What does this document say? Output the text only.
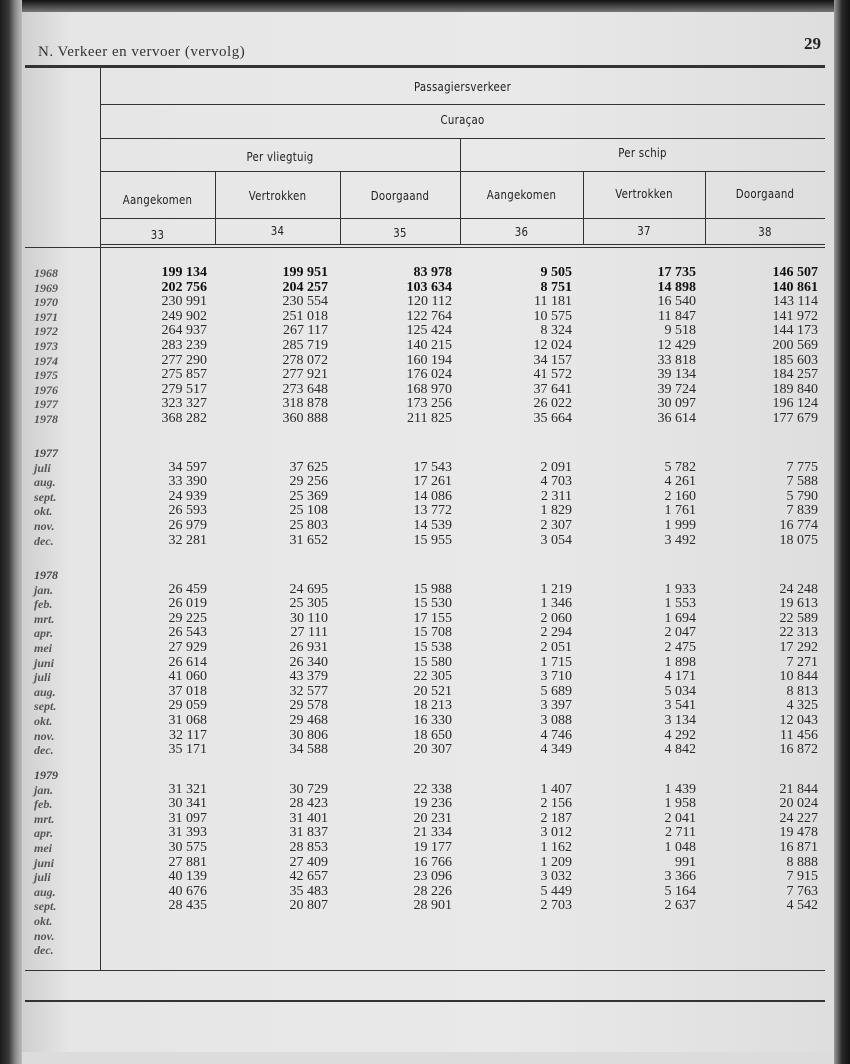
N. Verkeer en vervoer (vervolg)	29
Passagiersverkeer
Curaçao
Per vliegtuig	Per schip
Aangekomen	Vertrokken	Doorgaand	Aangekomen	Vertrokken	Doorgaand
33	34	35	36	37	38
1968	199 134	199 951	83 978	9 505	17 735	146 507
1969	202 756	204 257	103 634	8 751	14 898	140 861
1970	230 991	230 554	120 112	11 181	16 540	143 114
1971	249 902	251 018	122 764	10 575	11 847	141 972
1972	264 937	267 117	125 424	8 324	9 518	144 173
1973	283 239	285 719	140 215	12 024	12 429	200 569
1974	277 290	278 072	160 194	34 157	33 818	185 603
1975	275 857	277 921	176 024	41 572	39 134	184 257
1976	279 517	273 648	168 970	37 641	39 724	189 840
1977	323 327	318 878	173 256	26 022	30 097	196 124
1978	368 282	360 888	211 825	35 664	36 614	177 679
1977
juli	34 597	37 625	17 543	2 091	5 782	7 775
aug.	33 390	29 256	17 261	4 703	4 261	7 588
sept.	24 939	25 369	14 086	2 311	2 160	5 790
okt.	26 593	25 108	13 772	1 829	1 761	7 839
nov.	26 979	25 803	14 539	2 307	1 999	16 774
dec.	32 281	31 652	15 955	3 054	3 492	18 075
1978
jan.	26 459	24 695	15 988	1 219	1 933	24 248
feb.	26 019	25 305	15 530	1 346	1 553	19 613
mrt.	29 225	30 110	17 155	2 060	1 694	22 589
apr.	26 543	27 111	15 708	2 294	2 047	22 313
mei	27 929	26 931	15 538	2 051	2 475	17 292
juni	26 614	26 340	15 580	1 715	1 898	7 271
juli	41 060	43 379	22 305	3 710	4 171	10 844
aug.	37 018	32 577	20 521	5 689	5 034	8 813
sept.	29 059	29 578	18 213	3 397	3 541	4 325
okt.	31 068	29 468	16 330	3 088	3 134	12 043
nov.	32 117	30 806	18 650	4 746	4 292	11 456
dec.	35 171	34 588	20 307	4 349	4 842	16 872
1979
jan.	31 321	30 729	22 338	1 407	1 439	21 844
feb.	30 341	28 423	19 236	2 156	1 958	20 024
mrt.	31 097	31 401	20 231	2 187	2 041	24 227
apr.	31 393	31 837	21 334	3 012	2 711	19 478
mei	30 575	28 853	19 177	1 162	1 048	16 871
juni	27 881	27 409	16 766	1 209	991	8 888
juli	40 139	42 657	23 096	3 032	3 366	7 915
aug.	40 676	35 483	28 226	5 449	5 164	7 763
sept.	28 435	20 807	28 901	2 703	2 637	4 542
okt.
nov.
dec.
